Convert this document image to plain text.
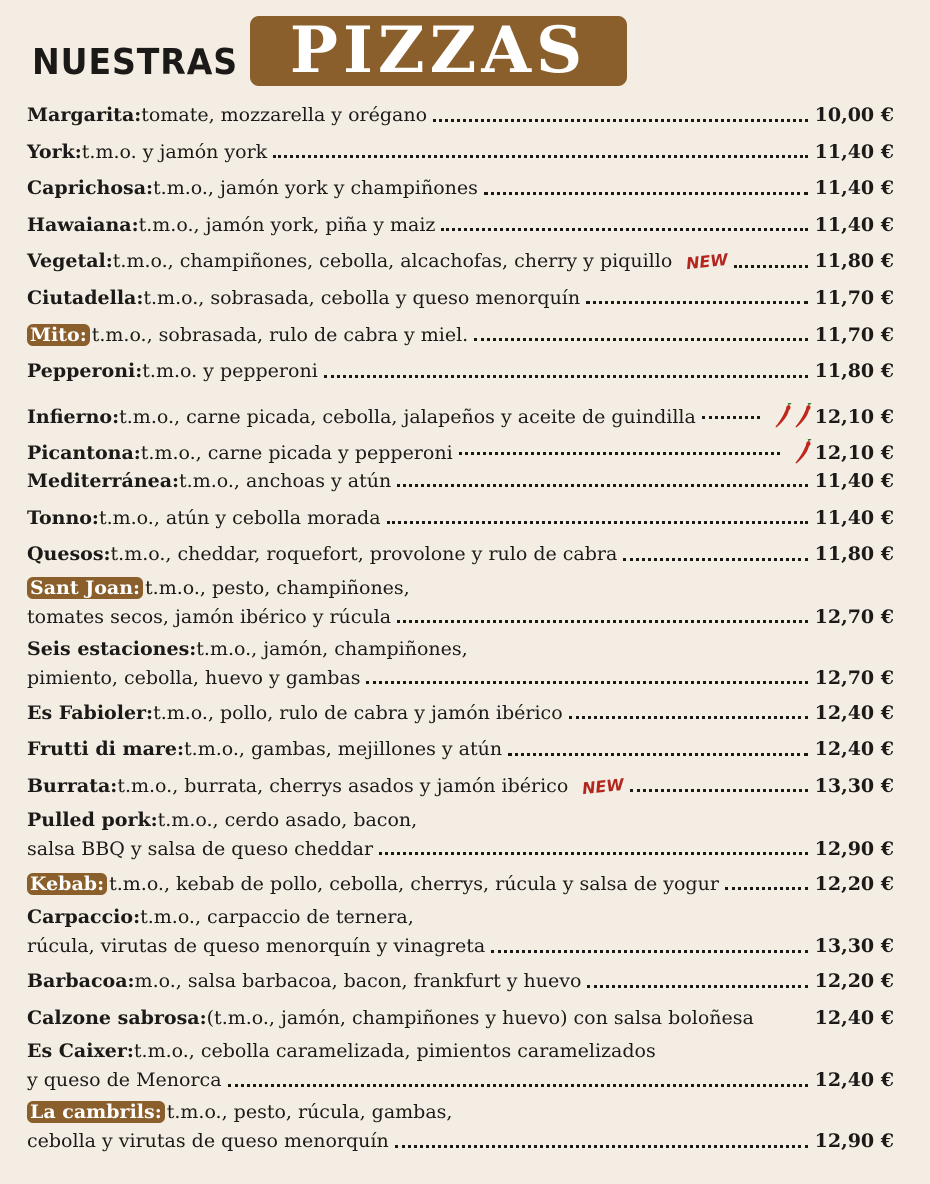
NUESTRAS PIZZAS
Margarita: tomate, mozzarella y orégano	10,00 €
York: t.m.o. y jamón york	11,40 €
Caprichosa: t.m.o., jamón york y champiñones	11,40 €
Hawaiana: t.m.o., jamón york, piña y maiz	11,40 €
Vegetal: t.m.o., champiñones, cebolla, alcachofas, cherry y piquillo NEW	11,80 €
Ciutadella: t.m.o., sobrasada, cebolla y queso menorquín	11,70 €
Mito: t.m.o., sobrasada, rulo de cabra y miel.	11,70 €
Pepperoni: t.m.o. y pepperoni	11,80 €
Infierno: t.m.o., carne picada, cebolla, jalapeños y aceite de guindilla	12,10 €
Picantona: t.m.o., carne picada y pepperoni	12,10 €
Mediterránea: t.m.o., anchoas y atún	11,40 €
Tonno: t.m.o., atún y cebolla morada	11,40 €
Quesos: t.m.o., cheddar, roquefort, provolone y rulo de cabra	11,80 €
Sant Joan: t.m.o., pesto, champiñones,
tomates secos, jamón ibérico y rúcula	12,70 €
Seis estaciones: t.m.o., jamón, champiñones,
pimiento, cebolla, huevo y gambas	12,70 €
Es Fabioler: t.m.o., pollo, rulo de cabra y jamón ibérico	12,40 €
Frutti di mare: t.m.o., gambas, mejillones y atún	12,40 €
Burrata: t.m.o., burrata, cherrys asados y jamón ibérico NEW	13,30 €
Pulled pork: t.m.o., cerdo asado, bacon,
salsa BBQ y salsa de queso cheddar	12,90 €
Kebab: t.m.o., kebab de pollo, cebolla, cherrys, rúcula y salsa de yogur	12,20 €
Carpaccio: t.m.o., carpaccio de ternera,
rúcula, virutas de queso menorquín y vinagreta	13,30 €
Barbacoa: m.o., salsa barbacoa, bacon, frankfurt y huevo	12,20 €
Calzone sabrosa: (t.m.o., jamón, champiñones y huevo) con salsa boloñesa	12,40 €
Es Caixer: t.m.o., cebolla caramelizada, pimientos caramelizados
y queso de Menorca	12,40 €
La cambrils: t.m.o., pesto, rúcula, gambas,
cebolla y virutas de queso menorquín	12,90 €
